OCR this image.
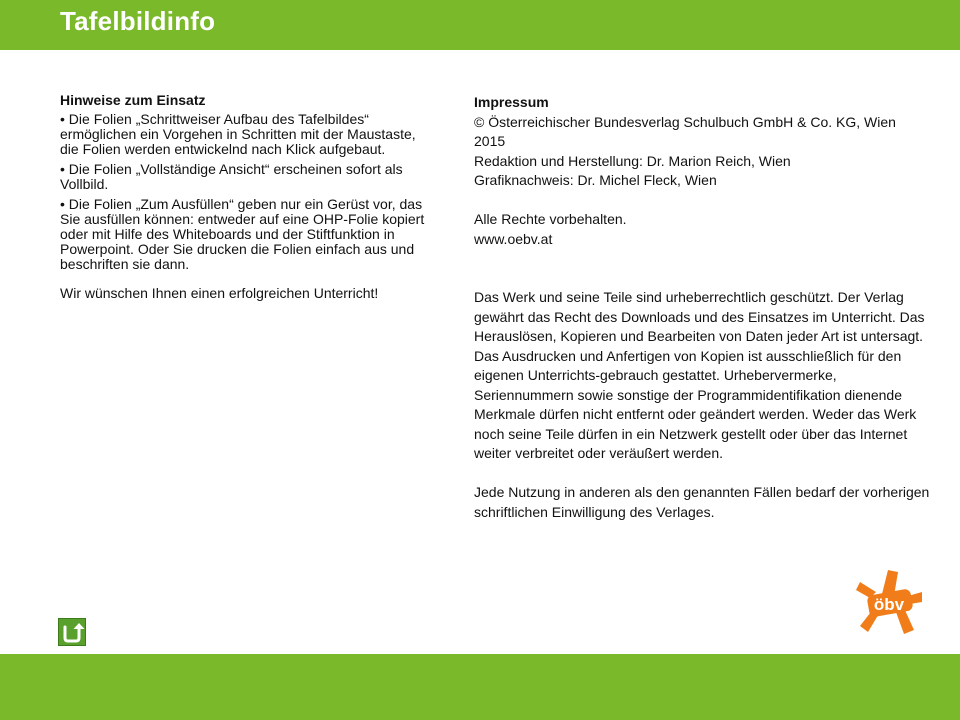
Tafelbildinfo
Hinweise zum Einsatz

• Die Folien „Schrittweiser Aufbau des Tafelbildes“ ermöglichen ein Vorgehen in Schritten mit der Maustaste, die Folien werden entwickelnd nach Klick aufgebaut.

• Die Folien „Vollständige Ansicht“ erscheinen sofort als Vollbild.

• Die Folien „Zum Ausfüllen“ geben nur ein Gerüst vor, das Sie ausfüllen können: entweder auf eine OHP-Folie kopiert oder mit Hilfe des Whiteboards und der Stiftfunktion in Powerpoint. Oder Sie drucken die Folien einfach aus und beschriften sie dann.

Wir wünschen Ihnen einen erfolgreichen Unterricht!

Impressum

© Österreichischer Bundesverlag Schulbuch GmbH & Co. KG, Wien 2015

Redaktion und Herstellung: Dr. Marion Reich, Wien

Grafiknachweis: Dr. Michel Fleck, Wien

Alle Rechte vorbehalten.

www.oebv.at

Das Werk und seine Teile sind urheberrechtlich geschützt. Der Verlag gewährt das Recht des Downloads und des Einsatzes im Unterricht. Das Herauslösen, Kopieren und Bearbeiten von Daten jeder Art ist untersagt. Das Ausdrucken und Anfertigen von Kopien ist ausschließlich für den eigenen Unterrichts-gebrauch gestattet. Urhebervermerke, Seriennummern sowie sonstige der Programmidentifikation dienende Merkmale dürfen nicht entfernt oder geändert werden. Weder das Werk noch seine Teile dürfen in ein Netzwerk gestellt oder über das Internet weiter verbreitet oder veräußert werden.

Jede Nutzung in anderen als den genannten Fällen bedarf der vorherigen schriftlichen Einwilligung des Verlages.

öbv
